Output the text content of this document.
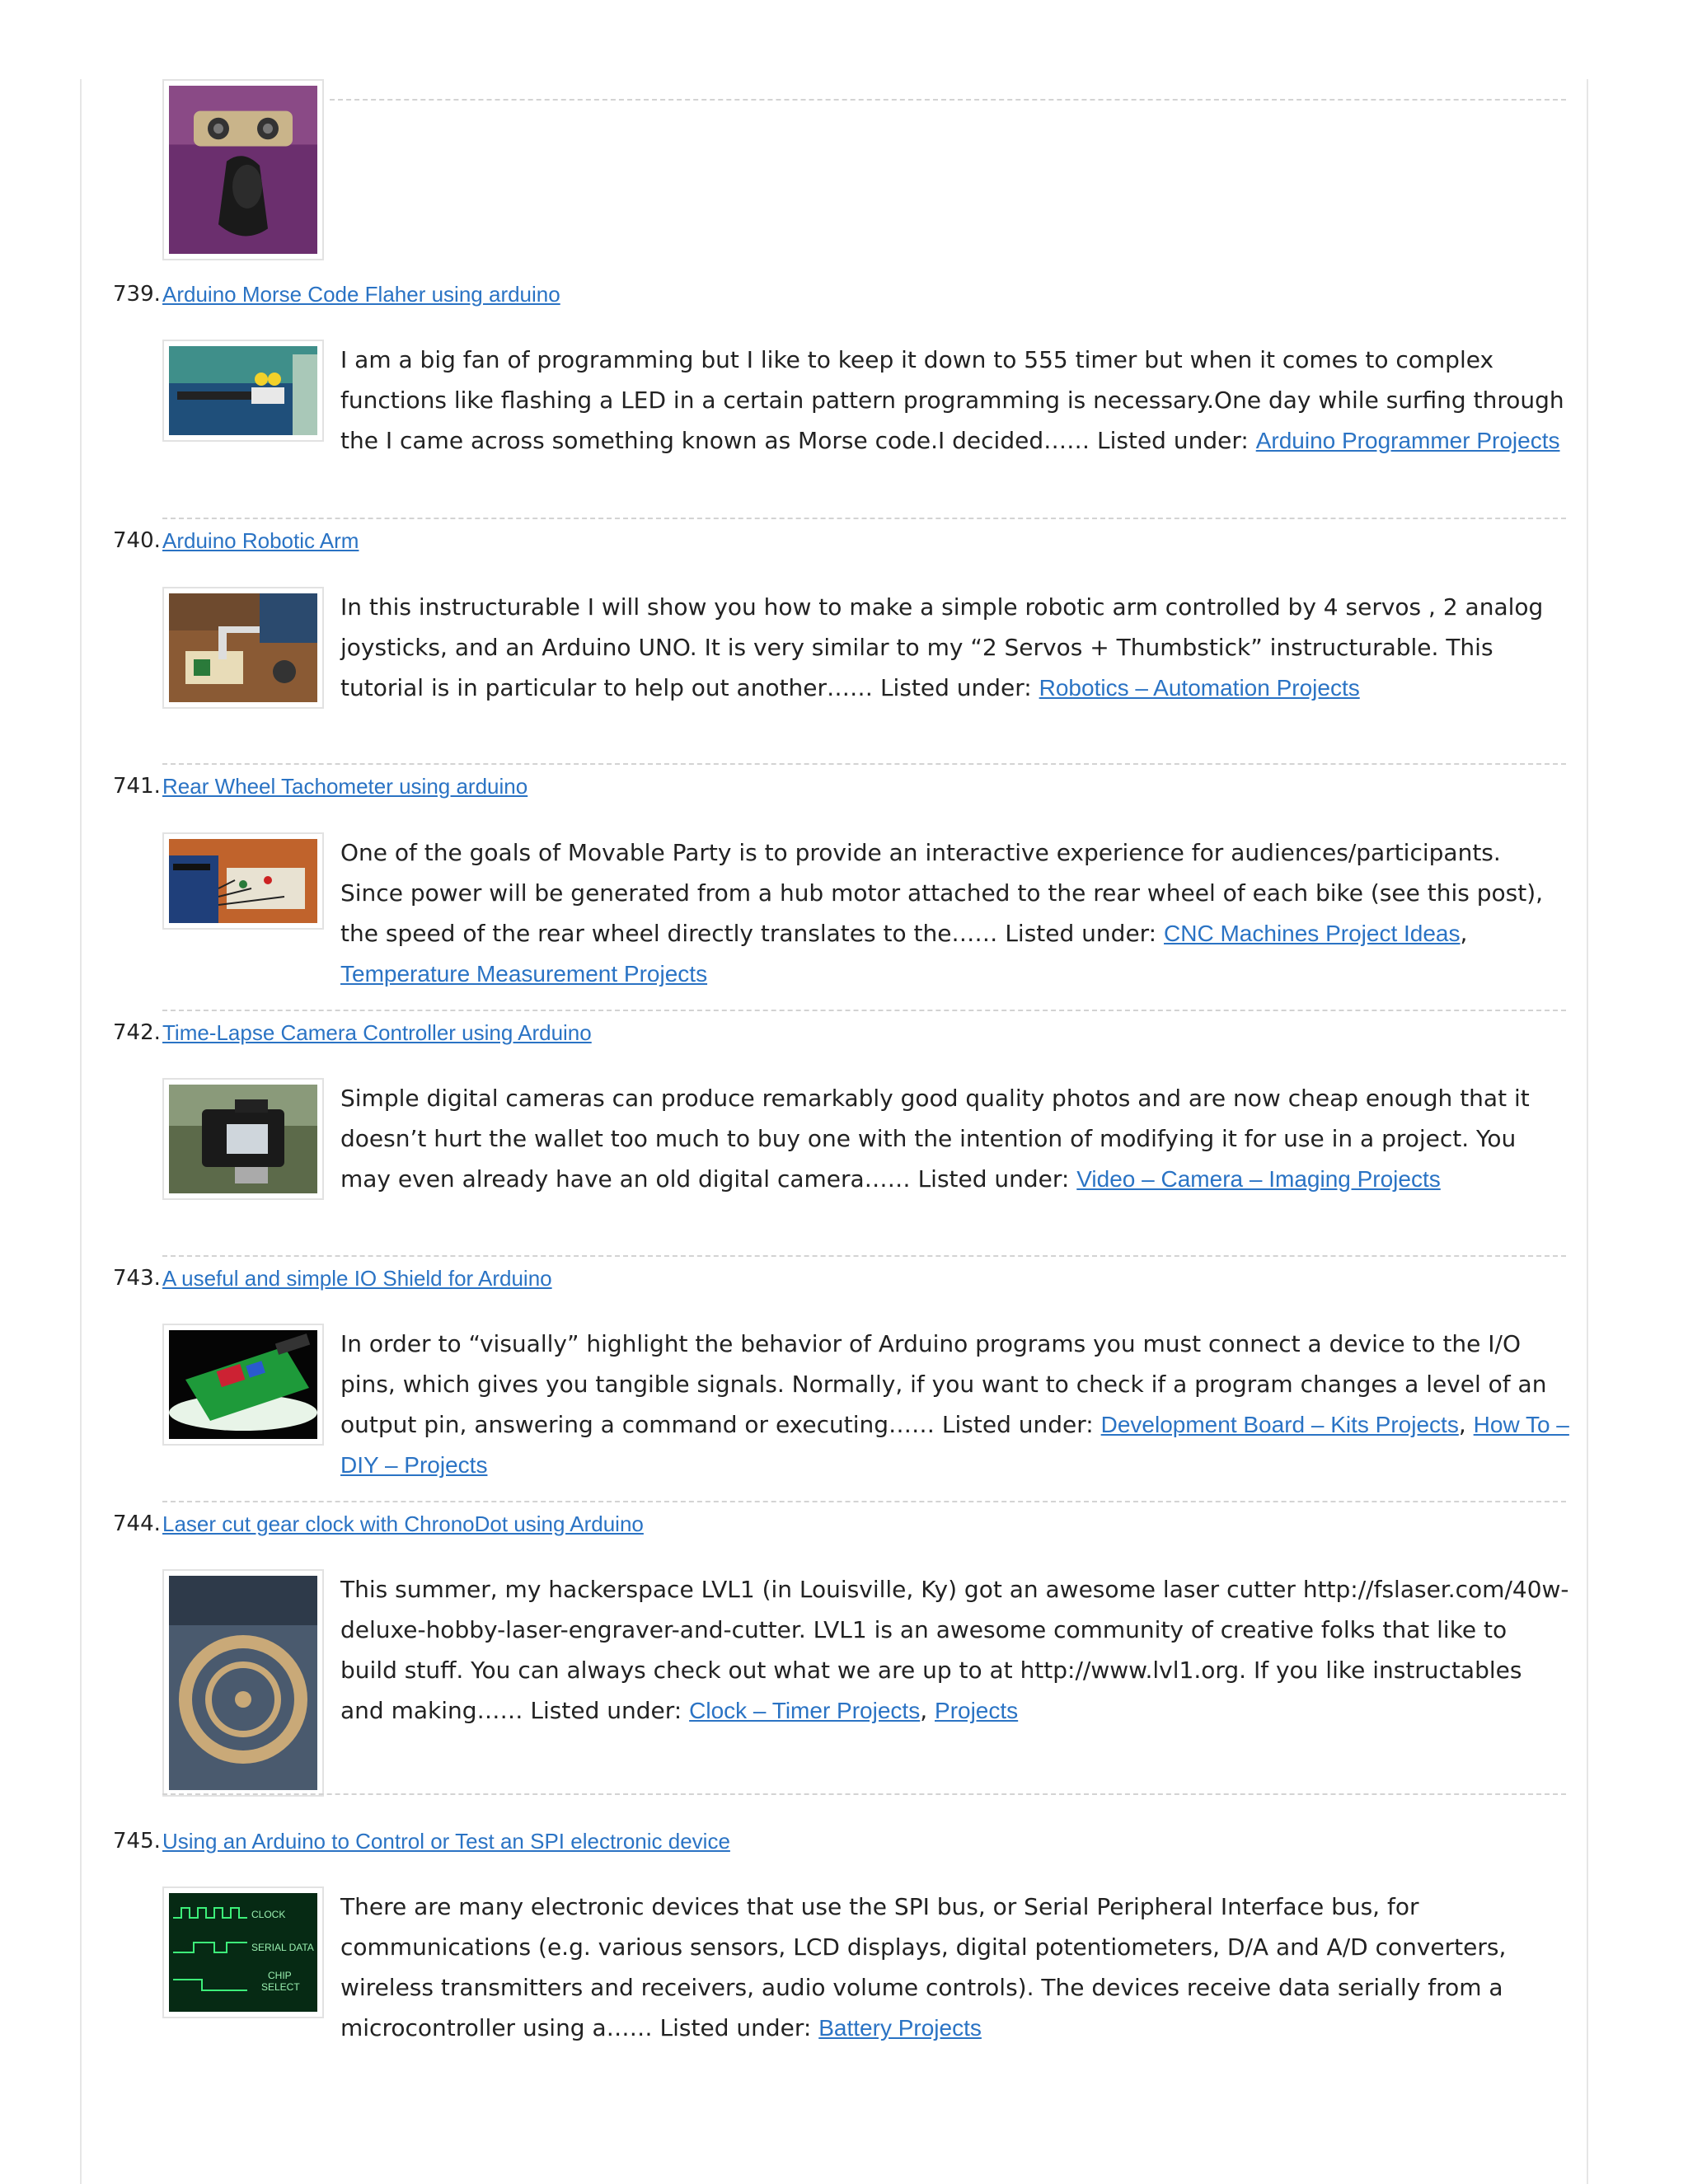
739. Arduino Morse Code Flaher using arduino
I am a big fan of programming but I like to keep it down to 555 timer but when it comes to complex functions like flashing a LED in a certain pattern programming is necessary.One day while surfing through the I came across something known as Morse code.I decided…… Listed under: Arduino Programmer Projects
740. Arduino Robotic Arm
In this instructurable I will show you how to make a simple robotic arm controlled by 4 servos , 2 analog joysticks, and an Arduino UNO. It is very similar to my “2 Servos + Thumbstick” instructurable. This tutorial is in particular to help out another…… Listed under: Robotics – Automation Projects
741. Rear Wheel Tachometer using arduino
One of the goals of Movable Party is to provide an interactive experience for audiences/participants. Since power will be generated from a hub motor attached to the rear wheel of each bike (see this post), the speed of the rear wheel directly translates to the…… Listed under: CNC Machines Project Ideas, Temperature Measurement Projects
742. Time-Lapse Camera Controller using Arduino
Simple digital cameras can produce remarkably good quality photos and are now cheap enough that it doesn’t hurt the wallet too much to buy one with the intention of modifying it for use in a project. You may even already have an old digital camera…… Listed under: Video – Camera – Imaging Projects
743. A useful and simple IO Shield for Arduino
In order to “visually” highlight the behavior of Arduino programs you must connect a device to the I/O pins, which gives you tangible signals. Normally, if you want to check if a program changes a level of an output pin, answering a command or executing…… Listed under: Development Board – Kits Projects, How To – DIY – Projects
744. Laser cut gear clock with ChronoDot using Arduino
This summer, my hackerspace LVL1 (in Louisville, Ky) got an awesome laser cutter http://fslaser.com/40w-deluxe-hobby-laser-engraver-and-cutter. LVL1 is an awesome community of creative folks that like to build stuff. You can always check out what we are up to at http://www.lvl1.org. If you like instructables and making…… Listed under: Clock – Timer Projects, Projects
745. Using an Arduino to Control or Test an SPI electronic device
CLOCK
SERIAL DATA
CHIP
SELECT
There are many electronic devices that use the SPI bus, or Serial Peripheral Interface bus, for communications (e.g. various sensors, LCD displays, digital potentiometers, D/A and A/D converters, wireless transmitters and receivers, audio volume controls). The devices receive data serially from a microcontroller using a…… Listed under: Battery Projects
